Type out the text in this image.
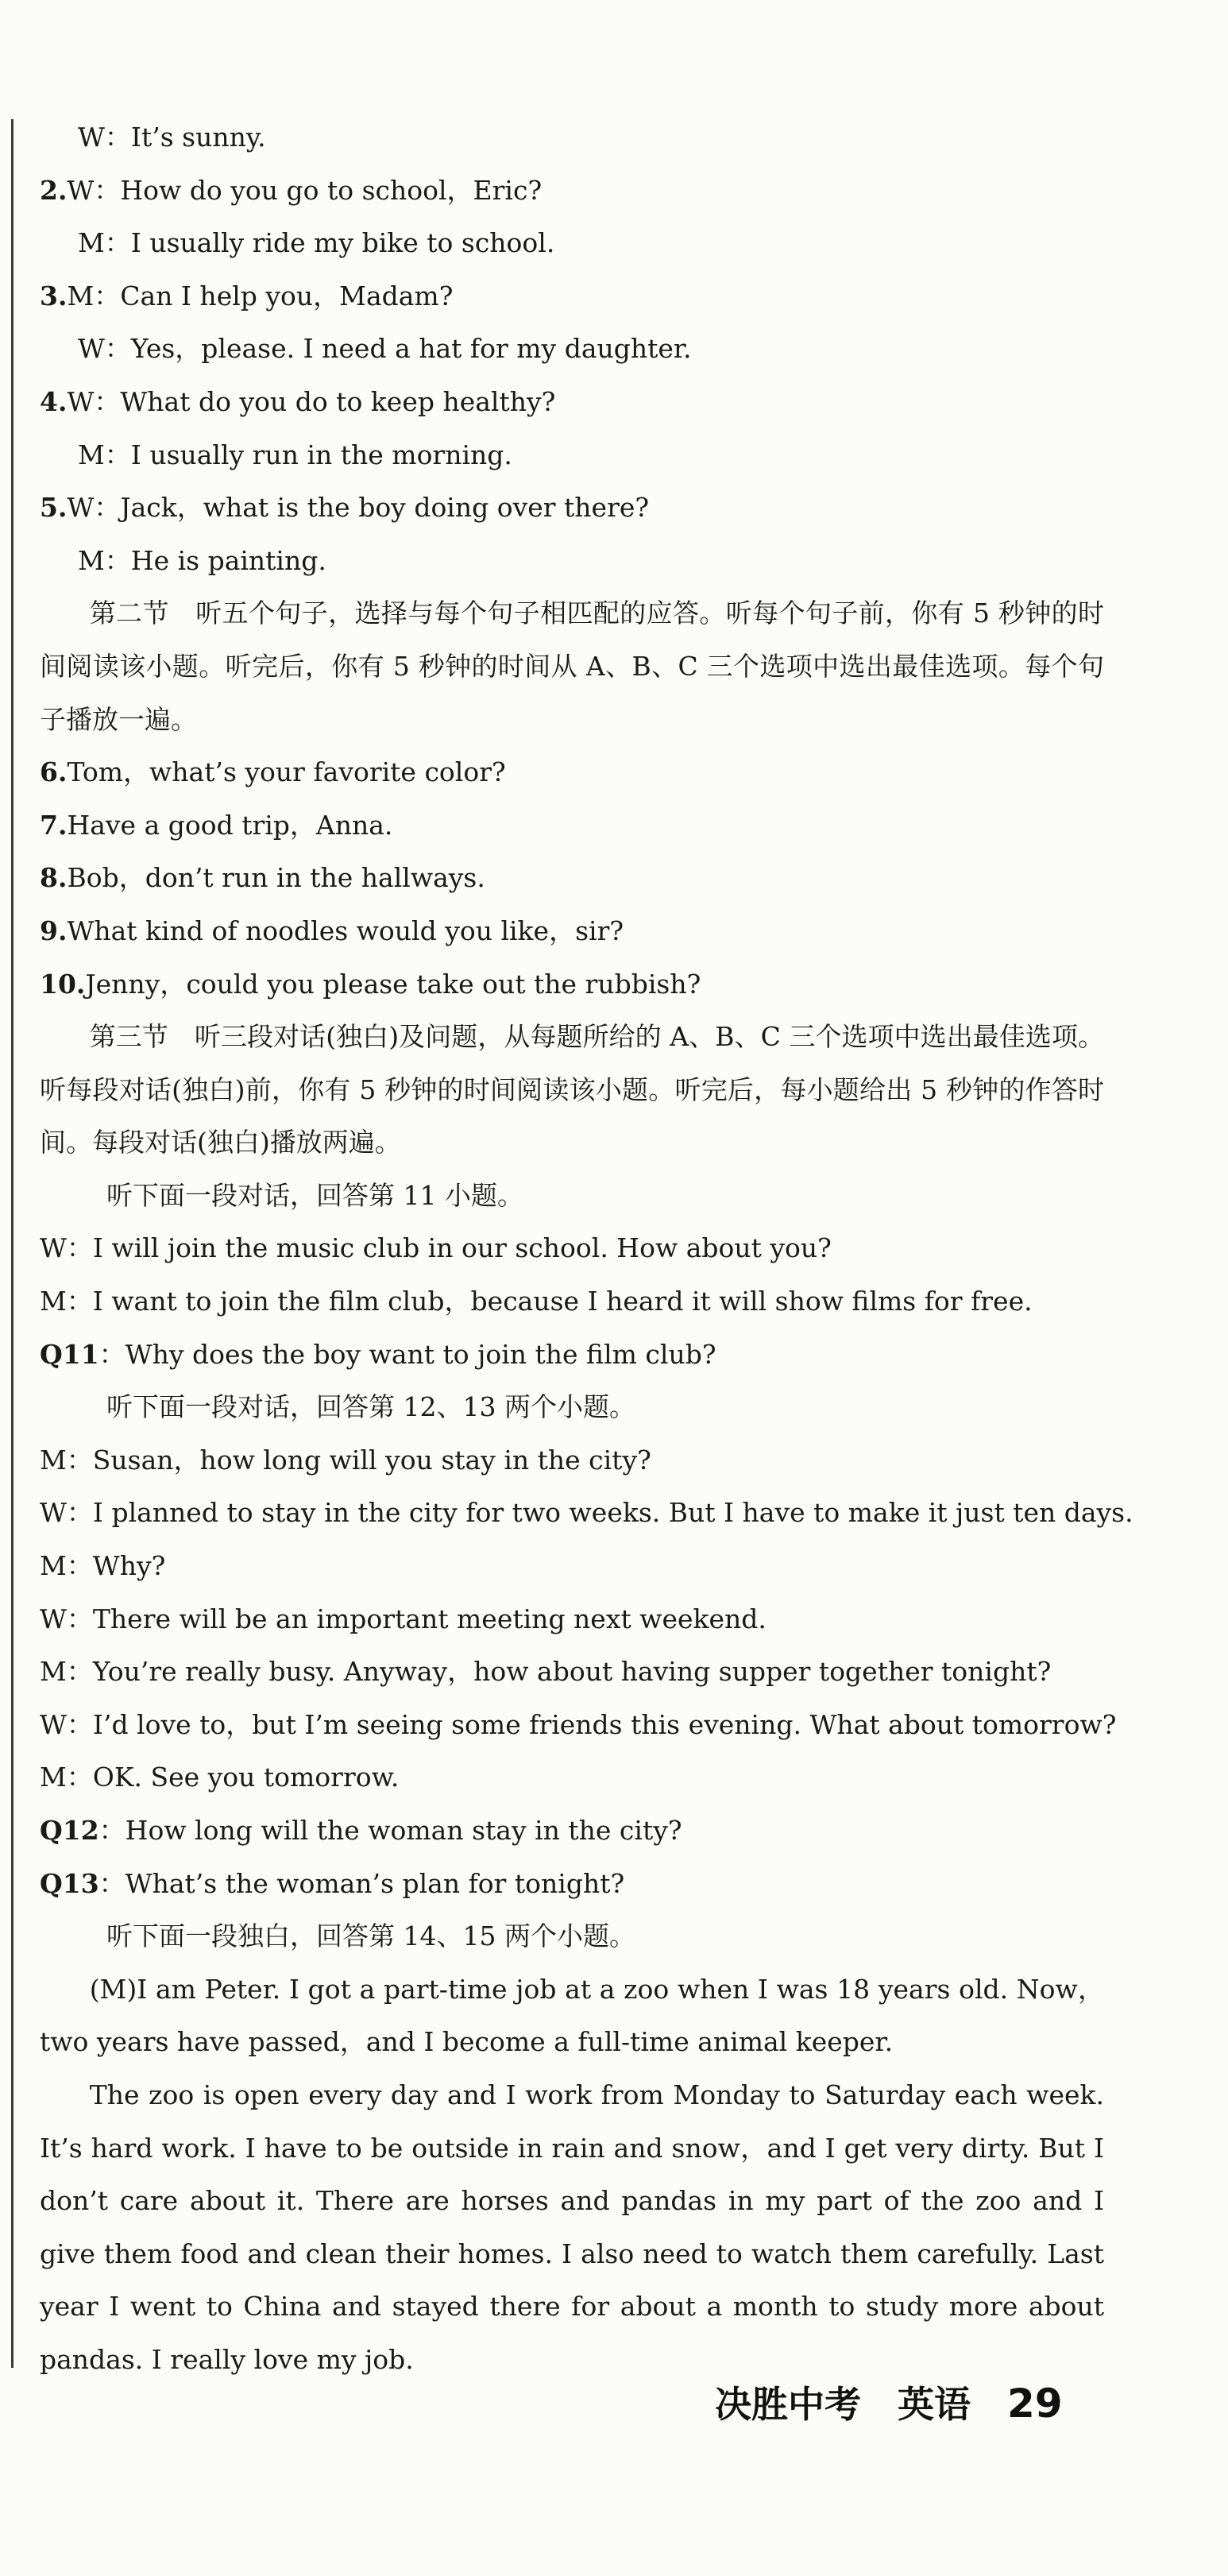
W：It’s sunny.
2.W：How do you go to school，Eric?
M：I usually ride my bike to school.
3.M：Can I help you，Madam?
W：Yes，please. I need a hat for my daughter.
4.W：What do you do to keep healthy?
M：I usually run in the morning.
5.W：Jack，what is the boy doing over there?
M：He is painting.
第二节　听五个句子，选择与每个句子相匹配的应答。听每个句子前，你有 5 秒钟的时间阅读该小题。听完后，你有 5 秒钟的时间从 A、B、C 三个选项中选出最佳选项。每个句子播放一遍。
6.Tom，what’s your favorite color?
7.Have a good trip，Anna.
8.Bob，don’t run in the hallways.
9.What kind of noodles would you like，sir?
10.Jenny，could you please take out the rubbish?
第三节　听三段对话(独白)及问题，从每题所给的 A、B、C 三个选项中选出最佳选项。听每段对话(独白)前，你有 5 秒钟的时间阅读该小题。听完后，每小题给出 5 秒钟的作答时间。每段对话(独白)播放两遍。
听下面一段对话，回答第 11 小题。
W：I will join the music club in our school. How about you?
M：I want to join the film club，because I heard it will show films for free.
Q11：Why does the boy want to join the film club?
听下面一段对话，回答第 12、13 两个小题。
M：Susan，how long will you stay in the city?
W：I planned to stay in the city for two weeks. But I have to make it just ten days.
M：Why?
W：There will be an important meeting next weekend.
M：You’re really busy. Anyway，how about having supper together tonight?
W：I’d love to，but I’m seeing some friends this evening. What about tomorrow?
M：OK. See you tomorrow.
Q12：How long will the woman stay in the city?
Q13：What’s the woman’s plan for tonight?
听下面一段独白，回答第 14、15 两个小题。
(M)I am Peter. I got a part-time job at a zoo when I was 18 years old. Now，two years have passed，and I become a full-time animal keeper.
The zoo is open every day and I work from Monday to Saturday each week. It’s hard work. I have to be outside in rain and snow，and I get very dirty. But I don’t care about it. There are horses and pandas in my part of the zoo and I give them food and clean their homes. I also need to watch them carefully. Last year I went to China and stayed there for about a month to study more about pandas. I really love my job.
决胜中考 英语 29
